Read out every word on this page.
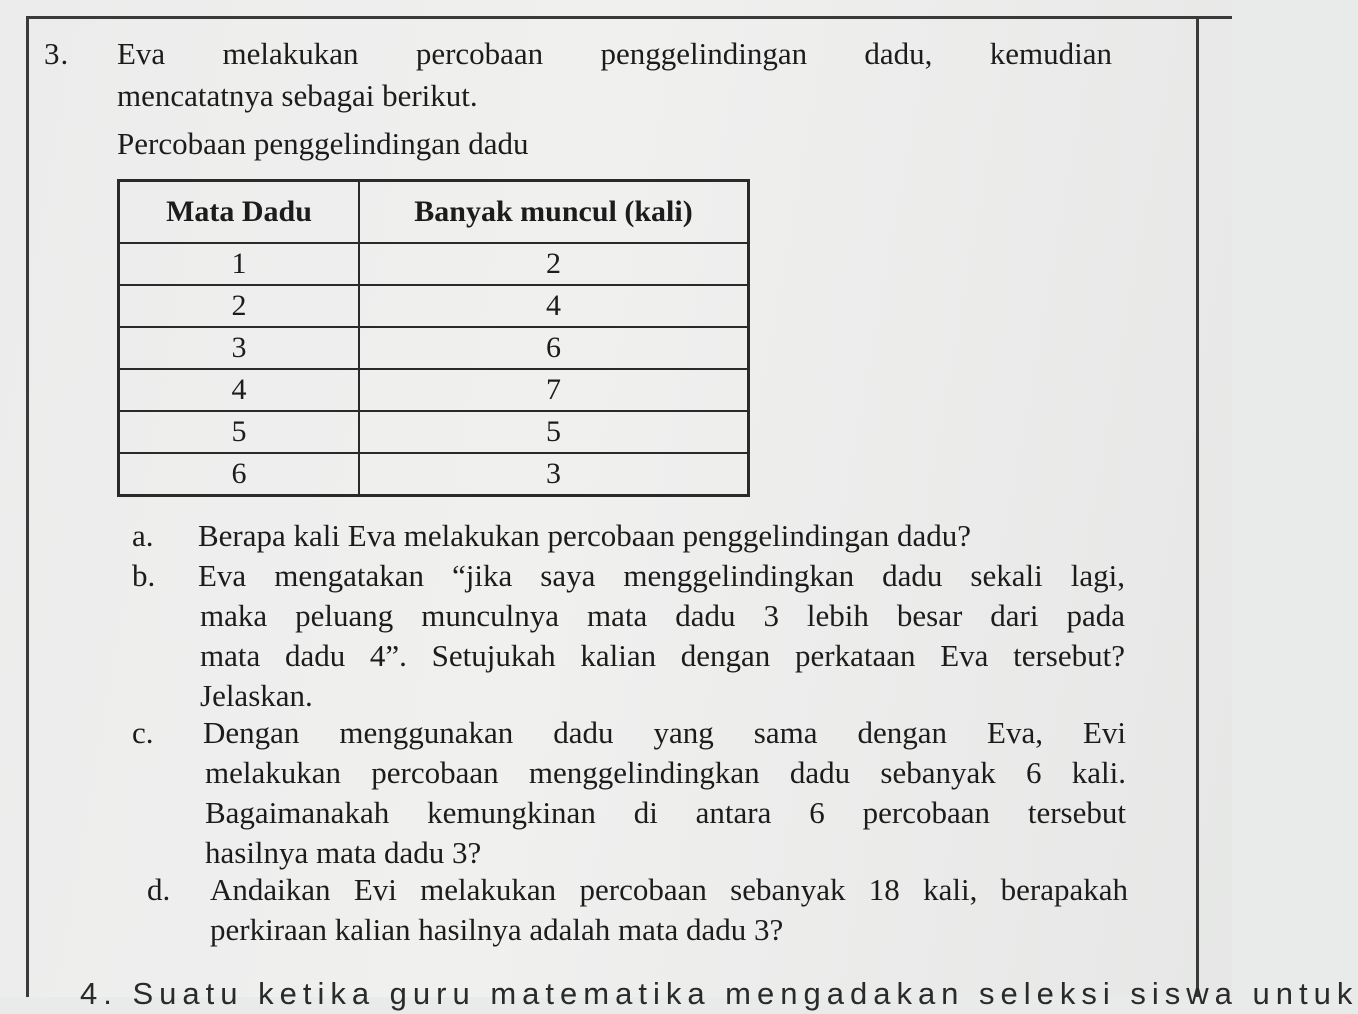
3. Eva melakukan percobaan penggelindingan dadu, kemudian
mencatatnya sebagai berikut.
Percobaan penggelindingan dadu
Mata Dadu	Banyak muncul (kali)
1	2
2	4
3	6
4	7
5	5
6	3
a. Berapa kali Eva melakukan percobaan penggelindingan dadu?
b. Eva mengatakan “jika saya menggelindingkan dadu sekali lagi,
maka peluang munculnya mata dadu 3 lebih besar dari pada
mata dadu 4”. Setujukah kalian dengan perkataan Eva tersebut?
Jelaskan.
c. Dengan menggunakan dadu yang sama dengan Eva, Evi
melakukan percobaan menggelindingkan dadu sebanyak 6 kali.
Bagaimanakah kemungkinan di antara 6 percobaan tersebut
hasilnya mata dadu 3?
d. Andaikan Evi melakukan percobaan sebanyak 18 kali, berapakah
perkiraan kalian hasilnya adalah mata dadu 3?
4. Suatu ketika guru matematika mengadakan seleksi siswa untuk
